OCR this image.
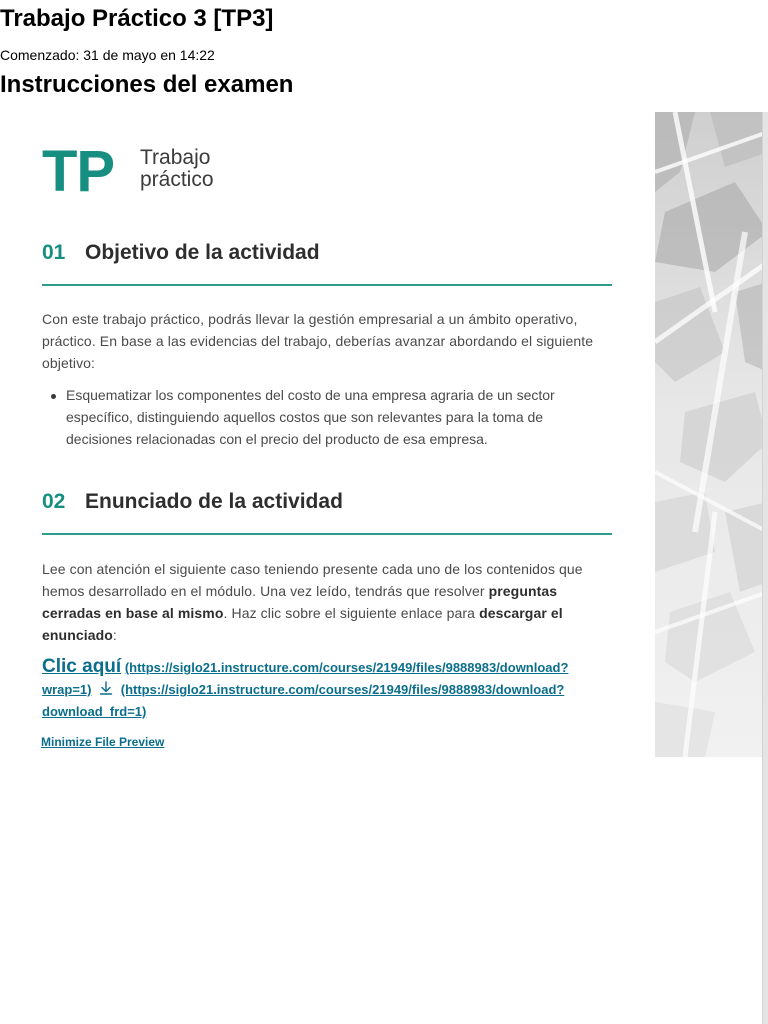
Trabajo Práctico 3 [TP3]
Comenzado: 31 de mayo en 14:22
Instrucciones del examen
TP Trabajo
práctico
01 Objetivo de la actividad

Con este trabajo práctico, podrás llevar la gestión empresarial a un ámbito operativo, práctico. En base a las evidencias del trabajo, deberías avanzar abordando el siguiente objetivo:

Esquematizar los componentes del costo de una empresa agraria de un sector específico, distinguiendo aquellos costos que son relevantes para la toma de decisiones relacionadas con el precio del producto de esa empresa.
02 Enunciado de la actividad

Lee con atención el siguiente caso teniendo presente cada uno de los contenidos que hemos desarrollado en el módulo. Una vez leído, tendrás que resolver preguntas cerradas en base al mismo. Haz clic sobre el siguiente enlace para descargar el enunciado:

Clic aquí (https://siglo21.instructure.com/courses/21949/files/9888983/download?wrap=1) (https://siglo21.instructure.com/courses/21949/files/9888983/download?download_frd=1)
Minimize File Preview
